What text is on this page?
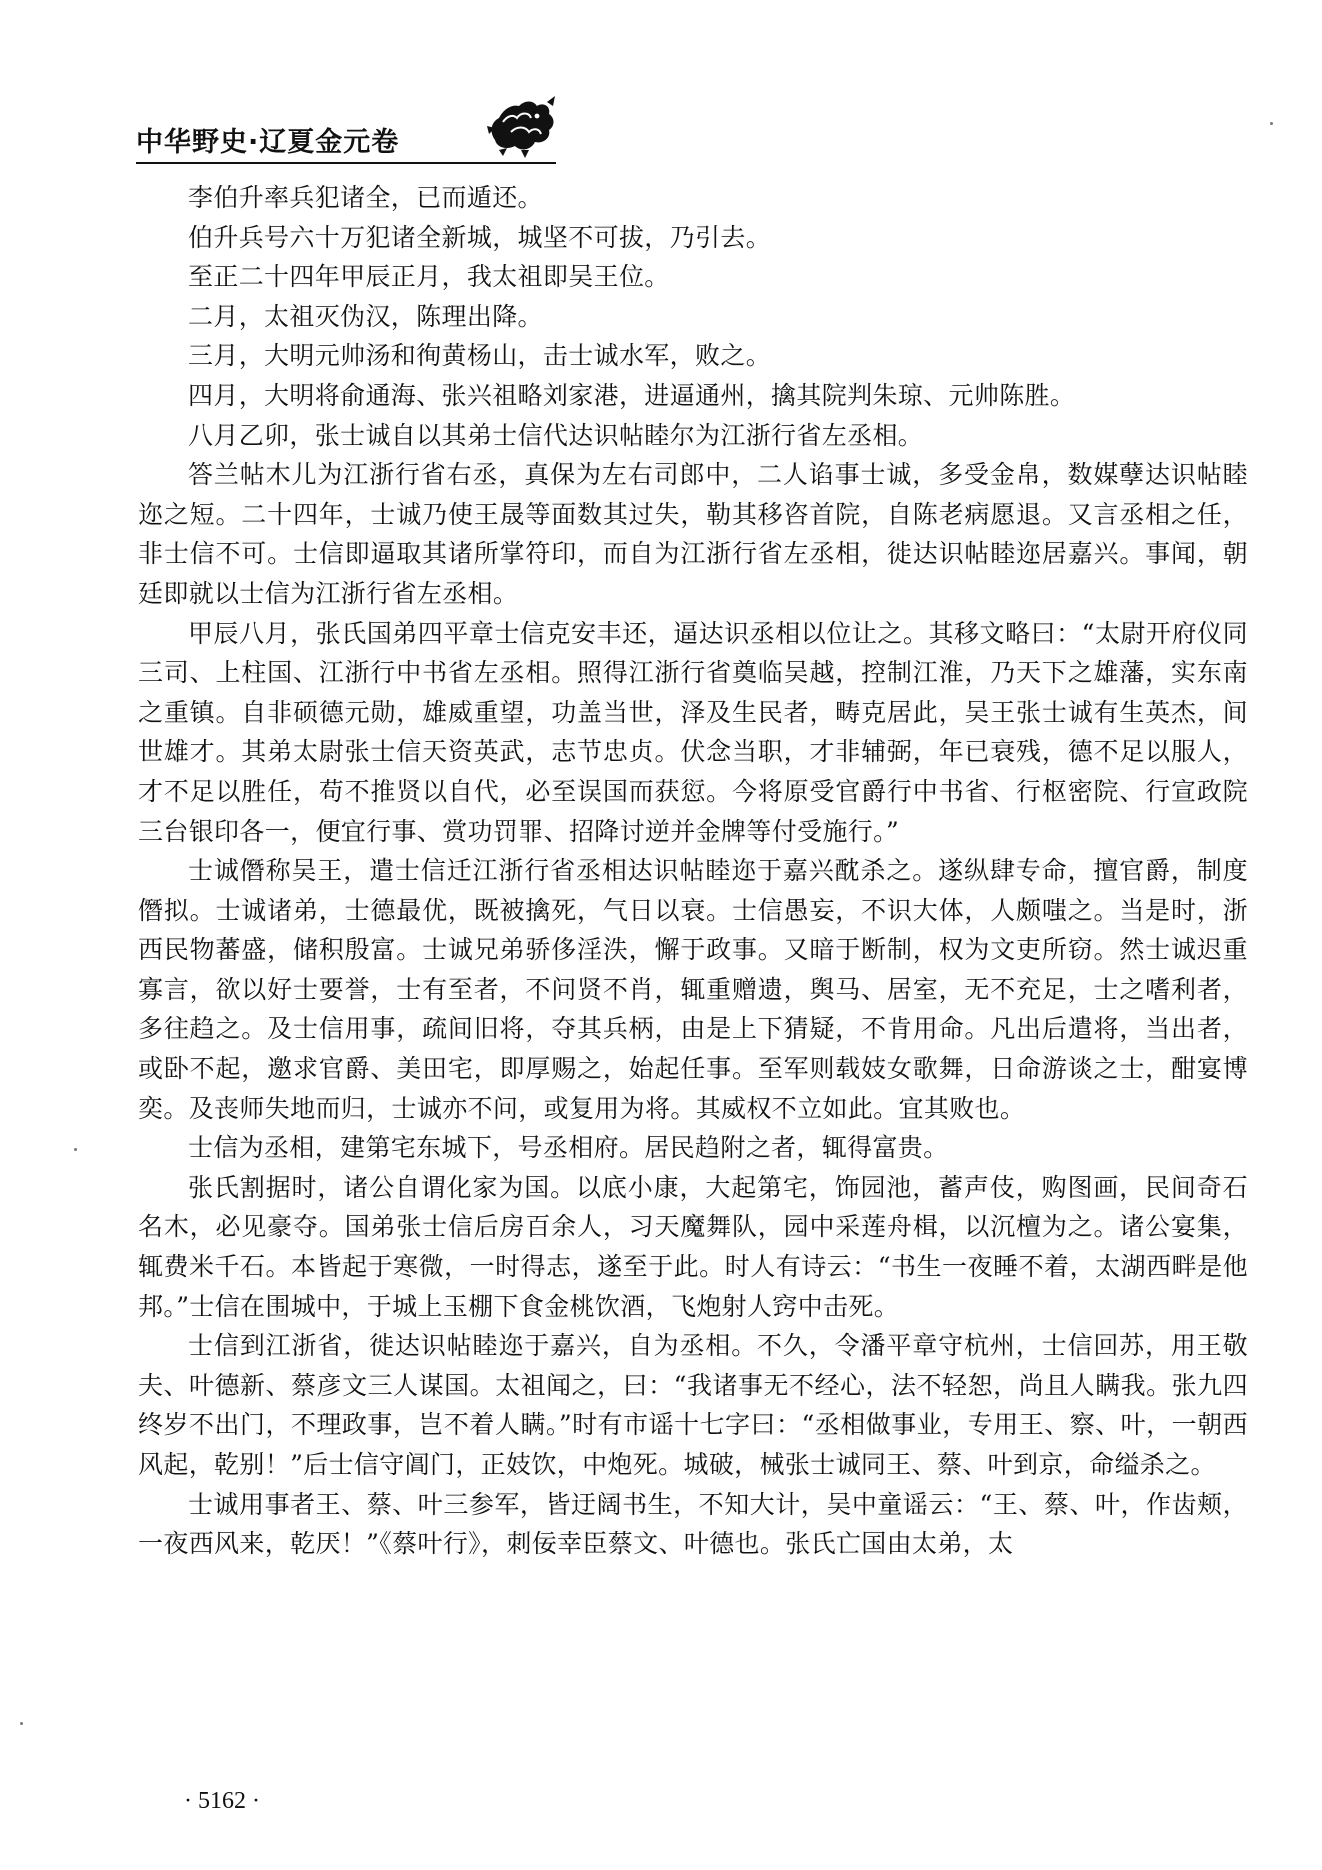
中华野史·辽夏金元卷

李伯升率兵犯诸全，已而遁还。

伯升兵号六十万犯诸全新城，城坚不可拔，乃引去。

至正二十四年甲辰正月，我太祖即吴王位。

二月，太祖灭伪汉，陈理出降。

三月，大明元帅汤和徇黄杨山，击士诚水军，败之。

四月，大明将俞通海、张兴祖略刘家港，进逼通州，擒其院判朱琼、元帅陈胜。

八月乙卯，张士诚自以其弟士信代达识帖睦尔为江浙行省左丞相。

答兰帖木儿为江浙行省右丞，真保为左右司郎中，二人谄事士诚，多受金帛，数媒孽达识帖睦迩之短。二十四年，士诚乃使王晟等面数其过失，勒其移咨首院，自陈老病愿退。又言丞相之任，非士信不可。士信即逼取其诸所掌符印，而自为江浙行省左丞相，徙达识帖睦迩居嘉兴。事闻，朝廷即就以士信为江浙行省左丞相。

甲辰八月，张氏国弟四平章士信克安丰还，逼达识丞相以位让之。其移文略曰：“太尉开府仪同三司、上柱国、江浙行中书省左丞相。照得江浙行省奠临吴越，控制江淮，乃天下之雄藩，实东南之重镇。自非硕德元勋，雄威重望，功盖当世，泽及生民者，畴克居此，吴王张士诚有生英杰，间世雄才。其弟太尉张士信天资英武，志节忠贞。伏念当职，才非辅弼，年已衰残，德不足以服人，才不足以胜任，苟不推贤以自代，必至误国而获愆。今将原受官爵行中书省、行枢密院、行宣政院三台银印各一，便宜行事、赏功罚罪、招降讨逆并金牌等付受施行。”

士诚僭称吴王，遣士信迁江浙行省丞相达识帖睦迩于嘉兴酖杀之。遂纵肆专命，擅官爵，制度僭拟。士诚诸弟，士德最优，既被擒死，气日以衰。士信愚妄，不识大体，人颇嗤之。当是时，浙西民物蕃盛，储积殷富。士诚兄弟骄侈淫泆，懈于政事。又暗于断制，权为文吏所窃。然士诚迟重寡言，欲以好士要誉，士有至者，不问贤不肖，辄重赠遗，舆马、居室，无不充足，士之嗜利者，多往趋之。及士信用事，疏间旧将，夺其兵柄，由是上下猜疑，不肯用命。凡出后遣将，当出者，或卧不起，邀求官爵、美田宅，即厚赐之，始起任事。至军则载妓女歌舞，日命游谈之士，酣宴博奕。及丧师失地而归，士诚亦不问，或复用为将。其威权不立如此。宜其败也。

士信为丞相，建第宅东城下，号丞相府。居民趋附之者，辄得富贵。

张氏割据时，诸公自谓化家为国。以底小康，大起第宅，饰园池，蓄声伎，购图画，民间奇石名木，必见豪夺。国弟张士信后房百余人，习天魔舞队，园中采莲舟楫，以沉檀为之。诸公宴集，辄费米千石。本皆起于寒微，一时得志，遂至于此。时人有诗云：“书生一夜睡不着，太湖西畔是他邦。”士信在围城中，于城上玉棚下食金桃饮酒，飞炮射人窍中击死。

士信到江浙省，徙达识帖睦迩于嘉兴，自为丞相。不久，令潘平章守杭州，士信回苏，用王敬夫、叶德新、蔡彦文三人谋国。太祖闻之，曰：“我诸事无不经心，法不轻恕，尚且人瞒我。张九四终岁不出门，不理政事，岂不着人瞒。”时有市谣十七字曰：“丞相做事业，专用王、察、叶，一朝西风起，乾别！”后士信守阊门，正妓饮，中炮死。城破，械张士诚同王、蔡、叶到京，命缢杀之。

士诚用事者王、蔡、叶三参军，皆迂阔书生，不知大计，吴中童谣云：“王、蔡、叶，作齿颊，一夜西风来，乾厌！”《蔡叶行》，刺佞幸臣蔡文、叶德也。张氏亡国由太弟，太

· 5162 ·
